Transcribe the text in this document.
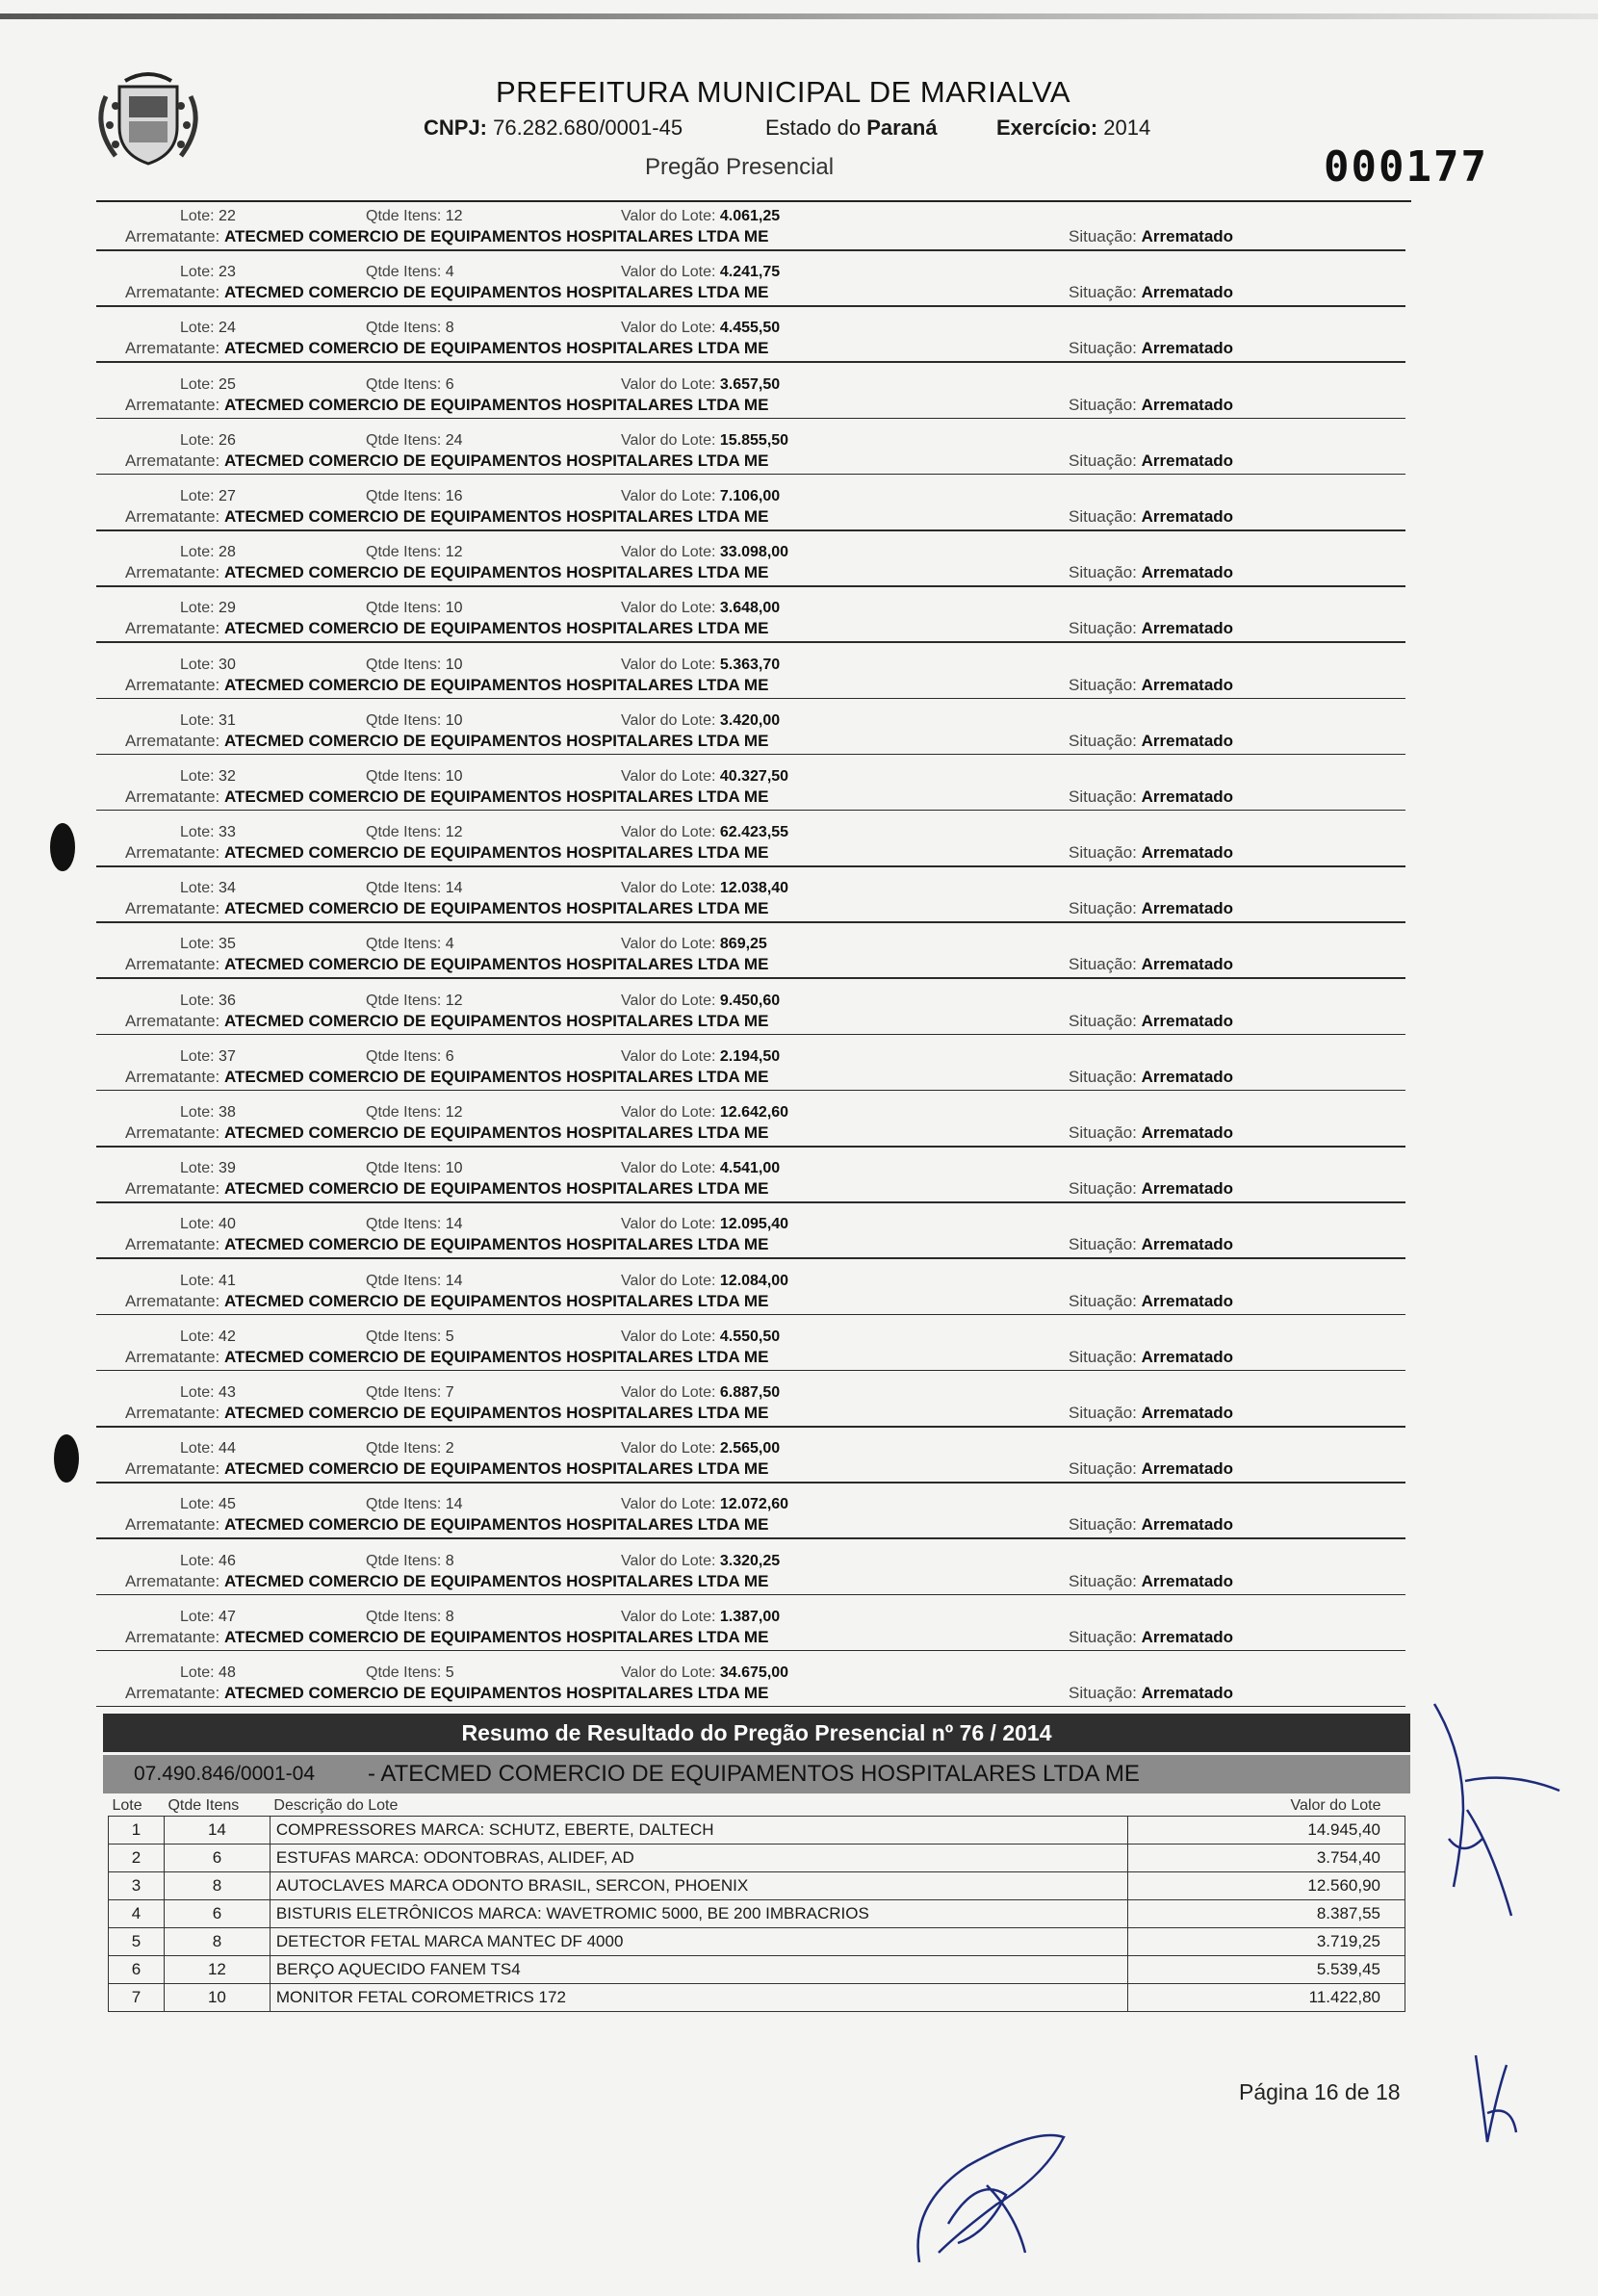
PREFEITURA MUNICIPAL DE MARIALVA
CNPJ: 76.282.680/0001-45	Estado do Paraná	Exercício: 2014
Pregão Presencial	000177
Lote: 22	Qtde Itens: 12	Valor do Lote: 4.061,25
Arrematante: ATECMED COMERCIO DE EQUIPAMENTOS HOSPITALARES LTDA ME	Situação: Arrematado
Lote: 23	Qtde Itens: 4	Valor do Lote: 4.241,75
Arrematante: ATECMED COMERCIO DE EQUIPAMENTOS HOSPITALARES LTDA ME	Situação: Arrematado
Lote: 24	Qtde Itens: 8	Valor do Lote: 4.455,50
Arrematante: ATECMED COMERCIO DE EQUIPAMENTOS HOSPITALARES LTDA ME	Situação: Arrematado
Lote: 25	Qtde Itens: 6	Valor do Lote: 3.657,50
Arrematante: ATECMED COMERCIO DE EQUIPAMENTOS HOSPITALARES LTDA ME	Situação: Arrematado
Lote: 26	Qtde Itens: 24	Valor do Lote: 15.855,50
Arrematante: ATECMED COMERCIO DE EQUIPAMENTOS HOSPITALARES LTDA ME	Situação: Arrematado
Lote: 27	Qtde Itens: 16	Valor do Lote: 7.106,00
Arrematante: ATECMED COMERCIO DE EQUIPAMENTOS HOSPITALARES LTDA ME	Situação: Arrematado
Lote: 28	Qtde Itens: 12	Valor do Lote: 33.098,00
Arrematante: ATECMED COMERCIO DE EQUIPAMENTOS HOSPITALARES LTDA ME	Situação: Arrematado
Lote: 29	Qtde Itens: 10	Valor do Lote: 3.648,00
Arrematante: ATECMED COMERCIO DE EQUIPAMENTOS HOSPITALARES LTDA ME	Situação: Arrematado
Lote: 30	Qtde Itens: 10	Valor do Lote: 5.363,70
Arrematante: ATECMED COMERCIO DE EQUIPAMENTOS HOSPITALARES LTDA ME	Situação: Arrematado
Lote: 31	Qtde Itens: 10	Valor do Lote: 3.420,00
Arrematante: ATECMED COMERCIO DE EQUIPAMENTOS HOSPITALARES LTDA ME	Situação: Arrematado
Lote: 32	Qtde Itens: 10	Valor do Lote: 40.327,50
Arrematante: ATECMED COMERCIO DE EQUIPAMENTOS HOSPITALARES LTDA ME	Situação: Arrematado
Lote: 33	Qtde Itens: 12	Valor do Lote: 62.423,55
Arrematante: ATECMED COMERCIO DE EQUIPAMENTOS HOSPITALARES LTDA ME	Situação: Arrematado
Lote: 34	Qtde Itens: 14	Valor do Lote: 12.038,40
Arrematante: ATECMED COMERCIO DE EQUIPAMENTOS HOSPITALARES LTDA ME	Situação: Arrematado
Lote: 35	Qtde Itens: 4	Valor do Lote: 869,25
Arrematante: ATECMED COMERCIO DE EQUIPAMENTOS HOSPITALARES LTDA ME	Situação: Arrematado
Lote: 36	Qtde Itens: 12	Valor do Lote: 9.450,60
Arrematante: ATECMED COMERCIO DE EQUIPAMENTOS HOSPITALARES LTDA ME	Situação: Arrematado
Lote: 37	Qtde Itens: 6	Valor do Lote: 2.194,50
Arrematante: ATECMED COMERCIO DE EQUIPAMENTOS HOSPITALARES LTDA ME	Situação: Arrematado
Lote: 38	Qtde Itens: 12	Valor do Lote: 12.642,60
Arrematante: ATECMED COMERCIO DE EQUIPAMENTOS HOSPITALARES LTDA ME	Situação: Arrematado
Lote: 39	Qtde Itens: 10	Valor do Lote: 4.541,00
Arrematante: ATECMED COMERCIO DE EQUIPAMENTOS HOSPITALARES LTDA ME	Situação: Arrematado
Lote: 40	Qtde Itens: 14	Valor do Lote: 12.095,40
Arrematante: ATECMED COMERCIO DE EQUIPAMENTOS HOSPITALARES LTDA ME	Situação: Arrematado
Lote: 41	Qtde Itens: 14	Valor do Lote: 12.084,00
Arrematante: ATECMED COMERCIO DE EQUIPAMENTOS HOSPITALARES LTDA ME	Situação: Arrematado
Lote: 42	Qtde Itens: 5	Valor do Lote: 4.550,50
Arrematante: ATECMED COMERCIO DE EQUIPAMENTOS HOSPITALARES LTDA ME	Situação: Arrematado
Lote: 43	Qtde Itens: 7	Valor do Lote: 6.887,50
Arrematante: ATECMED COMERCIO DE EQUIPAMENTOS HOSPITALARES LTDA ME	Situação: Arrematado
Lote: 44	Qtde Itens: 2	Valor do Lote: 2.565,00
Arrematante: ATECMED COMERCIO DE EQUIPAMENTOS HOSPITALARES LTDA ME	Situação: Arrematado
Lote: 45	Qtde Itens: 14	Valor do Lote: 12.072,60
Arrematante: ATECMED COMERCIO DE EQUIPAMENTOS HOSPITALARES LTDA ME	Situação: Arrematado
Lote: 46	Qtde Itens: 8	Valor do Lote: 3.320,25
Arrematante: ATECMED COMERCIO DE EQUIPAMENTOS HOSPITALARES LTDA ME	Situação: Arrematado
Lote: 47	Qtde Itens: 8	Valor do Lote: 1.387,00
Arrematante: ATECMED COMERCIO DE EQUIPAMENTOS HOSPITALARES LTDA ME	Situação: Arrematado
Lote: 48	Qtde Itens: 5	Valor do Lote: 34.675,00
Arrematante: ATECMED COMERCIO DE EQUIPAMENTOS HOSPITALARES LTDA ME	Situação: Arrematado
Resumo de Resultado do Pregão Presencial nº 76 / 2014
07.490.846/0001-04 - ATECMED COMERCIO DE EQUIPAMENTOS HOSPITALARES LTDA ME
Lote	Qtde Itens	Descrição do Lote	Valor do Lote
1	14	COMPRESSORES MARCA: SCHUTZ, EBERTE, DALTECH	14.945,40
2	6	ESTUFAS MARCA: ODONTOBRAS, ALIDEF, AD	3.754,40
3	8	AUTOCLAVES MARCA ODONTO BRASIL, SERCON, PHOENIX	12.560,90
4	6	BISTURIS ELETRÔNICOS MARCA: WAVETROMIC 5000, BE 200 IMBRACRIOS	8.387,55
5	8	DETECTOR FETAL MARCA MANTEC DF 4000	3.719,25
6	12	BERÇO AQUECIDO FANEM TS4	5.539,45
7	10	MONITOR FETAL COROMETRICS 172	11.422,80
Página 16 de 18
